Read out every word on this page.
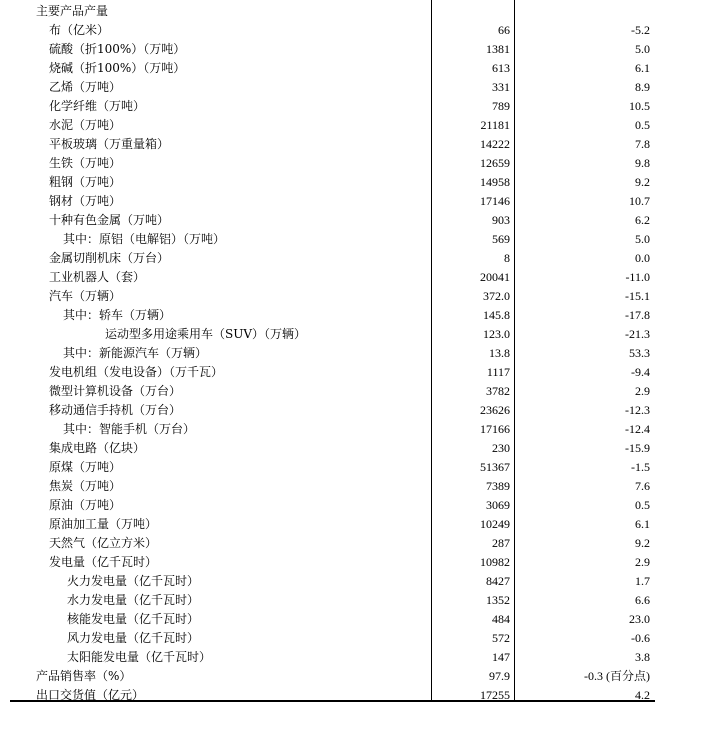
主要产品产量
布（亿米）	66	-5.2
硫酸（折100%）（万吨）	1381	5.0
烧碱（折100%）（万吨）	613	6.1
乙烯（万吨）	331	8.9
化学纤维（万吨）	789	10.5
水泥（万吨）	21181	0.5
平板玻璃（万重量箱）	14222	7.8
生铁（万吨）	12659	9.8
粗钢（万吨）	14958	9.2
钢材（万吨）	17146	10.7
十种有色金属（万吨）	903	6.2
其中：原铝（电解铝）（万吨）	569	5.0
金属切削机床（万台）	8	0.0
工业机器人（套）	20041	-11.0
汽车（万辆）	372.0	-15.1
其中：轿车（万辆）	145.8	-17.8
运动型多用途乘用车（SUV）（万辆）	123.0	-21.3
其中：新能源汽车（万辆）	13.8	53.3
发电机组（发电设备）（万千瓦）	1117	-9.4
微型计算机设备（万台）	3782	2.9
移动通信手持机（万台）	23626	-12.3
其中：智能手机（万台）	17166	-12.4
集成电路（亿块）	230	-15.9
原煤（万吨）	51367	-1.5
焦炭（万吨）	7389	7.6
原油（万吨）	3069	0.5
原油加工量（万吨）	10249	6.1
天然气（亿立方米）	287	9.2
发电量（亿千瓦时）	10982	2.9
火力发电量（亿千瓦时）	8427	1.7
水力发电量（亿千瓦时）	1352	6.6
核能发电量（亿千瓦时）	484	23.0
风力发电量（亿千瓦时）	572	-0.6
太阳能发电量（亿千瓦时）	147	3.8
产品销售率（%）	97.9	-0.3 (百分点)
出口交货值（亿元）	17255	4.2
